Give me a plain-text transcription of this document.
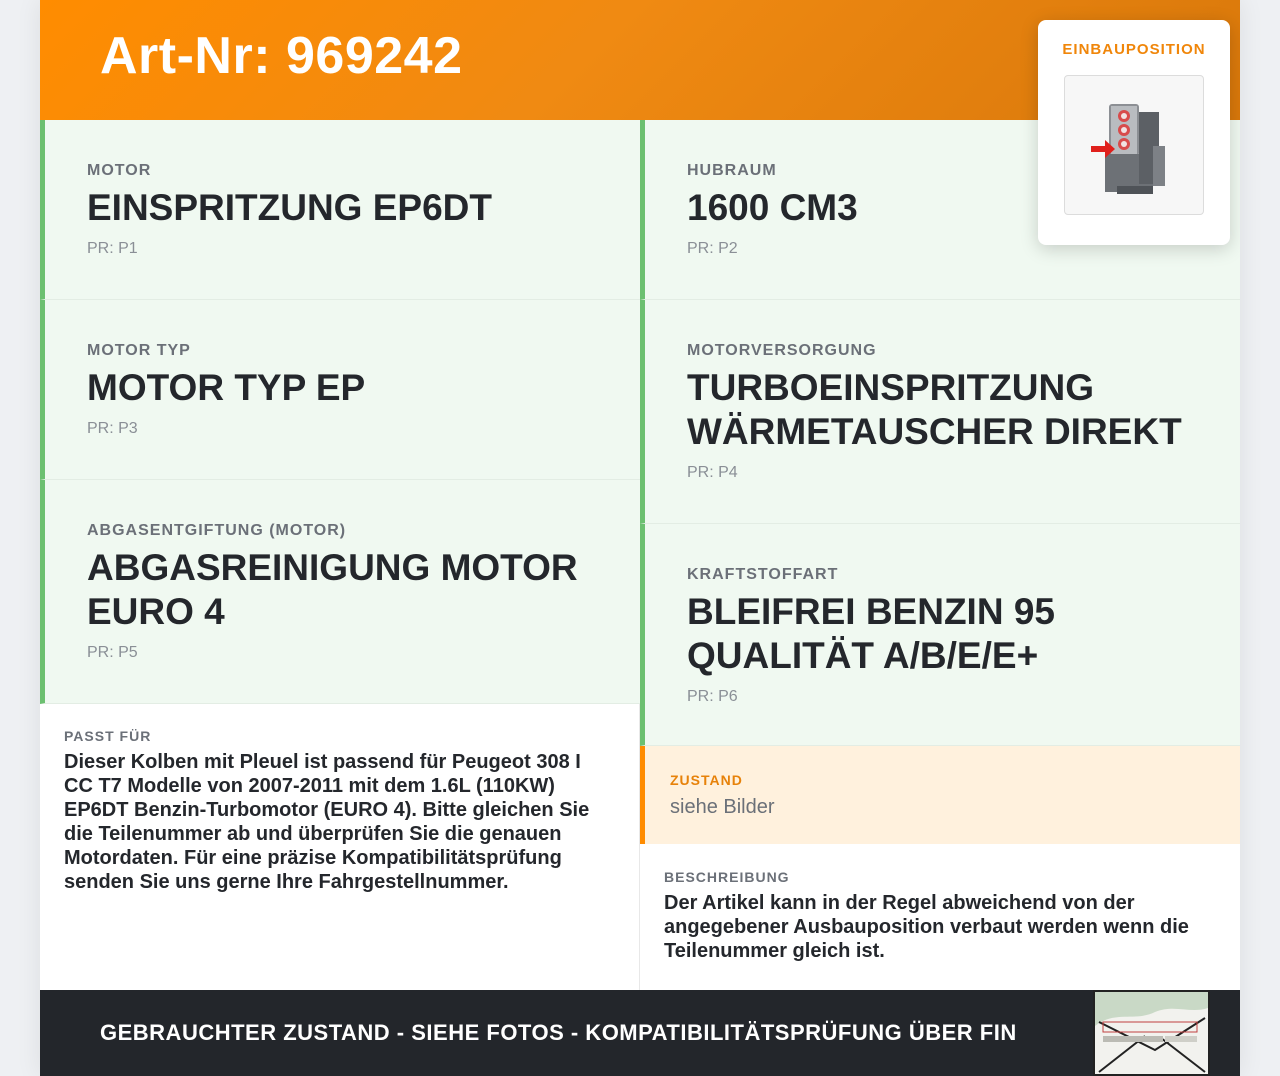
Art-Nr: 969242
MOTOR
EINSPRITZUNG EP6DT
PR: P1
MOTOR TYP
MOTOR TYP EP
PR: P3
ABGASENTGIFTUNG (MOTOR)
ABGASREINIGUNG MOTOR
EURO 4
PR: P5
HUBRAUM
1600 CM3
PR: P2
MOTORVERSORGUNG
TURBOEINSPRITZUNG
WÄRMETAUSCHER DIREKT
PR: P4
KRAFTSTOFFART
BLEIFREI BENZIN 95
QUALITÄT A/B/E/E+
PR: P6
PASST FÜR
Dieser Kolben mit Pleuel ist passend für Peugeot 308 I
CC T7 Modelle von 2007-2011 mit dem 1.6L (110KW)
EP6DT Benzin-Turbomotor (EURO 4). Bitte gleichen Sie
die Teilenummer ab und überprüfen Sie die genauen
Motordaten. Für eine präzise Kompatibilitätsprüfung
senden Sie uns gerne Ihre Fahrgestellnummer.
ZUSTAND
siehe Bilder
BESCHREIBUNG
Der Artikel kann in der Regel abweichend von der
angegebener Ausbauposition verbaut werden wenn die
Teilenummer gleich ist.
GEBRAUCHTER ZUSTAND - SIEHE FOTOS - KOMPATIBILITÄTSPRÜFUNG ÜBER FIN
EINBAUPOSITION
